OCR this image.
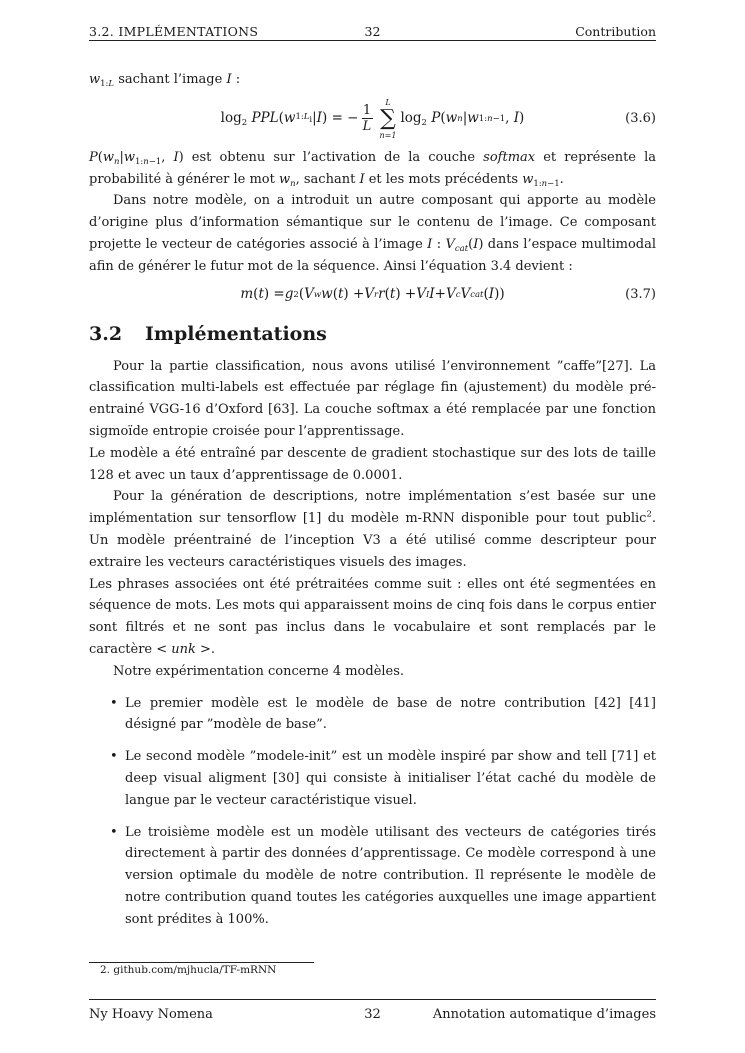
3.2. IMPLÉMENTATIONS	32	Contribution

$w_{1:L}$ sachant l’image I :

$\log_2$ PPL ( w $1:L_i$ | I ) = − $\frac{1}{L}$
L
∑
n=1
$\log_2 P$ ( w n | w 1:n−1 , I )	(3.6)

$P(w_n|w_{1:n-1}$, I) est obtenu sur l’activation de la couche softmax et représente la probabilité à générer le mot $w_n$, sachant I et les mots précédents $w_{1:n-1}$.

Dans notre modèle, on a introduit un autre composant qui apporte au modèle d’origine plus d’information sémantique sur le contenu de l’image. Ce composant projette le vecteur de catégories associé à l’image I : $V_{cat}(I)$ dans l’espace multimodal afin de générer le futur mot de la séquence. Ainsi l’équation 3.4 devient :

m ( t ) = g 2 ( V w w ( t ) + V r r ( t ) + V I I + V c V cat ( I ))	(3.7)
3.2	Implémentations

Pour la partie classification, nous avons utilisé l’environnement ”caffe”[27]. La classification multi-labels est effectuée par réglage fin (ajustement) du modèle pré-entrainé VGG-16 d’Oxford [63]. La couche softmax a été remplacée par une fonction sigmoïde entropie croisée pour l’apprentissage.

Le modèle a été entraîné par descente de gradient stochastique sur des lots de taille 128 et avec un taux d’apprentissage de 0.0001.

Pour la génération de descriptions, notre implémentation s’est basée sur une implémentation sur tensorflow [1] du modèle m-RNN disponible pour tout public$^2$. Un modèle préentrainé de l’inception V3 a été utilisé comme descripteur pour extraire les vecteurs caractéristiques visuels des images.

Les phrases associées ont été prétraitées comme suit : elles ont été segmentées en séquence de mots. Les mots qui apparaissent moins de cinq fois dans le corpus entier sont filtrés et ne sont pas inclus dans le vocabulaire et sont remplacés par le caractère < unk >.

Notre expérimentation concerne 4 modèles.

• Le premier modèle est le modèle de base de notre contribution [42] [41] désigné par ”modèle de base”.
• Le second modèle ”modele-init” est un modèle inspiré par show and tell [71] et deep visual aligment [30] qui consiste à initialiser l’état caché du modèle de langue par le vecteur caractéristique visuel.
• Le troisième modèle est un modèle utilisant des vecteurs de catégories tirés directement à partir des données d’apprentissage. Ce modèle correspond à une version optimale du modèle de notre contribution. Il représente le modèle de notre contribution quand toutes les catégories auxquelles une image appartient sont prédites à 100%.
2. github.com/mjhucla/TF-mRNN
Ny Hoavy Nomena	32	Annotation automatique d’images
